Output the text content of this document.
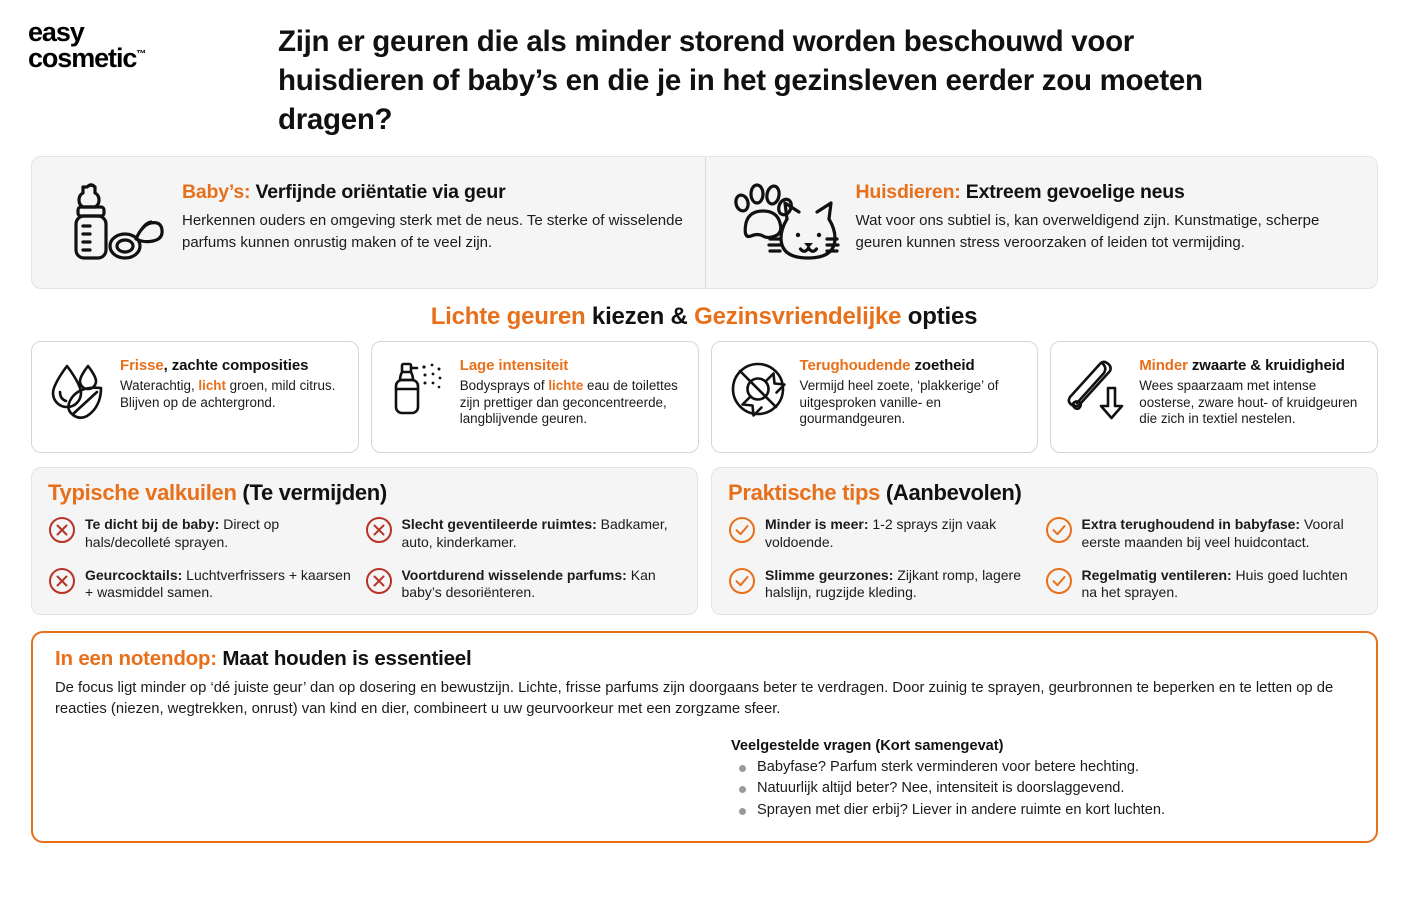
easy
cosmetic™	Zijn er geuren die als minder storend worden beschouwd voor huisdieren of baby’s en die je in het gezinsleven eerder zou moeten dragen?
Baby’s: Verfijnde oriëntatie via geur
Herkennen ouders en omgeving sterk met de neus. Te sterke of wisselende parfums kunnen onrustig maken of te veel zijn.
Huisdieren: Extreem gevoelige neus
Wat voor ons subtiel is, kan overweldigend zijn. Kunstmatige, scherpe geuren kunnen stress veroorzaken of leiden tot vermijding.
Lichte geuren kiezen & Gezinsvriendelijke opties
Frisse, zachte composities
Waterachtig, licht groen, mild citrus. Blijven op de achtergrond.
Lage intensiteit
Bodysprays of lichte eau de toilettes zijn prettiger dan geconcentreerde, langblijvende geuren.
Terughoudende zoetheid
Vermijd heel zoete, ‘plakkerige’ of uitgesproken vanille- en gourmandgeuren.
Minder zwaarte & kruidigheid
Wees spaarzaam met intense oosterse, zware hout- of kruidgeuren die zich in textiel nestelen.
Typische valkuilen (Te vermijden)
Te dicht bij de baby: Direct op hals/decolleté sprayen.
Slecht geventileerde ruimtes: Badkamer, auto, kinderkamer.
Geurcocktails: Luchtverfrissers + kaarsen + wasmiddel samen.
Voortdurend wisselende parfums: Kan baby’s desoriënteren.
Praktische tips (Aanbevolen)
Minder is meer: 1-2 sprays zijn vaak voldoende.
Extra terughoudend in babyfase: Vooral eerste maanden bij veel huidcontact.
Slimme geurzones: Zijkant romp, lagere halslijn, rugzijde kleding.
Regelmatig ventileren: Huis goed luchten na het sprayen.
In een notendop: Maat houden is essentieel
De focus ligt minder op ‘dé juiste geur’ dan op dosering en bewustzijn. Lichte, frisse parfums zijn doorgaans beter te verdragen. Door zuinig te sprayen, geurbronnen te beperken en te letten op de reacties (niezen, wegtrekken, onrust) van kind en dier, combineert u uw geurvoorkeur met een zorgzame sfeer.
Veelgestelde vragen (Kort samengevat)
Babyfase? Parfum sterk verminderen voor betere hechting.
Natuurlijk altijd beter? Nee, intensiteit is doorslaggevend.
Sprayen met dier erbij? Liever in andere ruimte en kort luchten.
